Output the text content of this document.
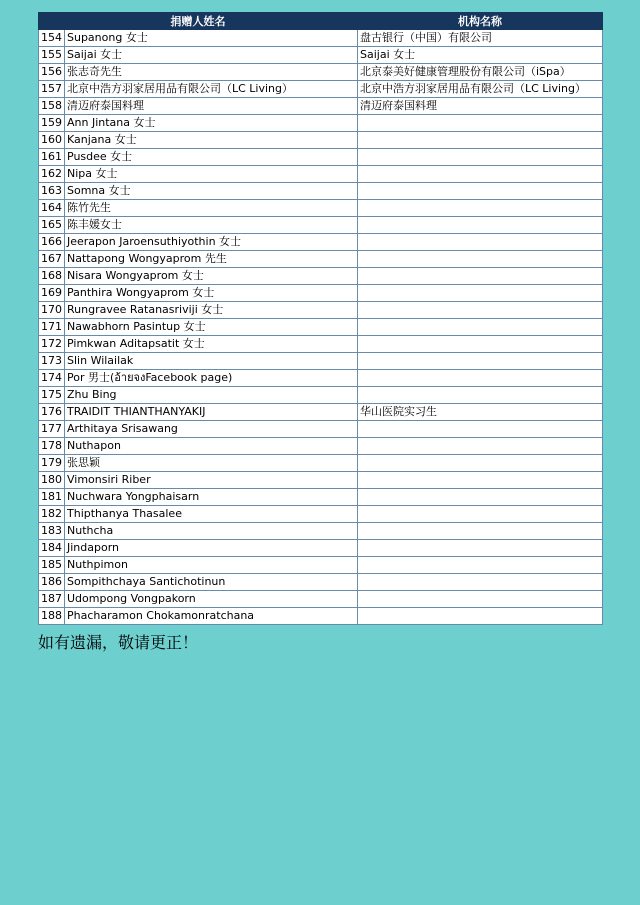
捐赠人姓名		机构名称
154	Supanong 女士	盘古银行（中国）有限公司
155	Saijai 女士	Saijai 女士
156	张志奇先生	北京泰美好健康管理股份有限公司（iSpa）
157	北京中浩方羽家居用品有限公司（LC Living）	北京中浩方羽家居用品有限公司（LC Living）
158	清迈府泰国料理	清迈府泰国料理
159	Ann Jintana 女士	
160	Kanjana 女士	
161	Pusdee 女士	
162	Nipa 女士	
163	Somna 女士	
164	陈竹先生	
165	陈丰媛女士	
166	Jeerapon Jaroensuthiyothin 女士	
167	Nattapong Wongyaprom 先生	
168	Nisara Wongyaprom 女士	
169	Panthira Wongyaprom 女士	
170	Rungravee Ratanasriviji 女士	
171	Nawabhorn Pasintup 女士	
172	Pimkwan Aditapsatit 女士	
173	Slin Wilailak	
174	Por 男士(อ้ายจงFacebook page)	
175	Zhu Bing	
176	TRAIDIT THIANTHANYAKIJ	华山医院实习生
177	Arthitaya Srisawang	
178	Nuthapon	
179	张思颖	
180	Vimonsiri Riber	
181	Nuchwara Yongphaisarn	
182	Thipthanya Thasalee	
183	Nuthcha	
184	Jindaporn	
185	Nuthpimon	
186	Sompithchaya Santichotinun	
187	Udompong Vongpakorn	
188	Phacharamon Chokamonratchana	

如有遗漏，敬请更正！
